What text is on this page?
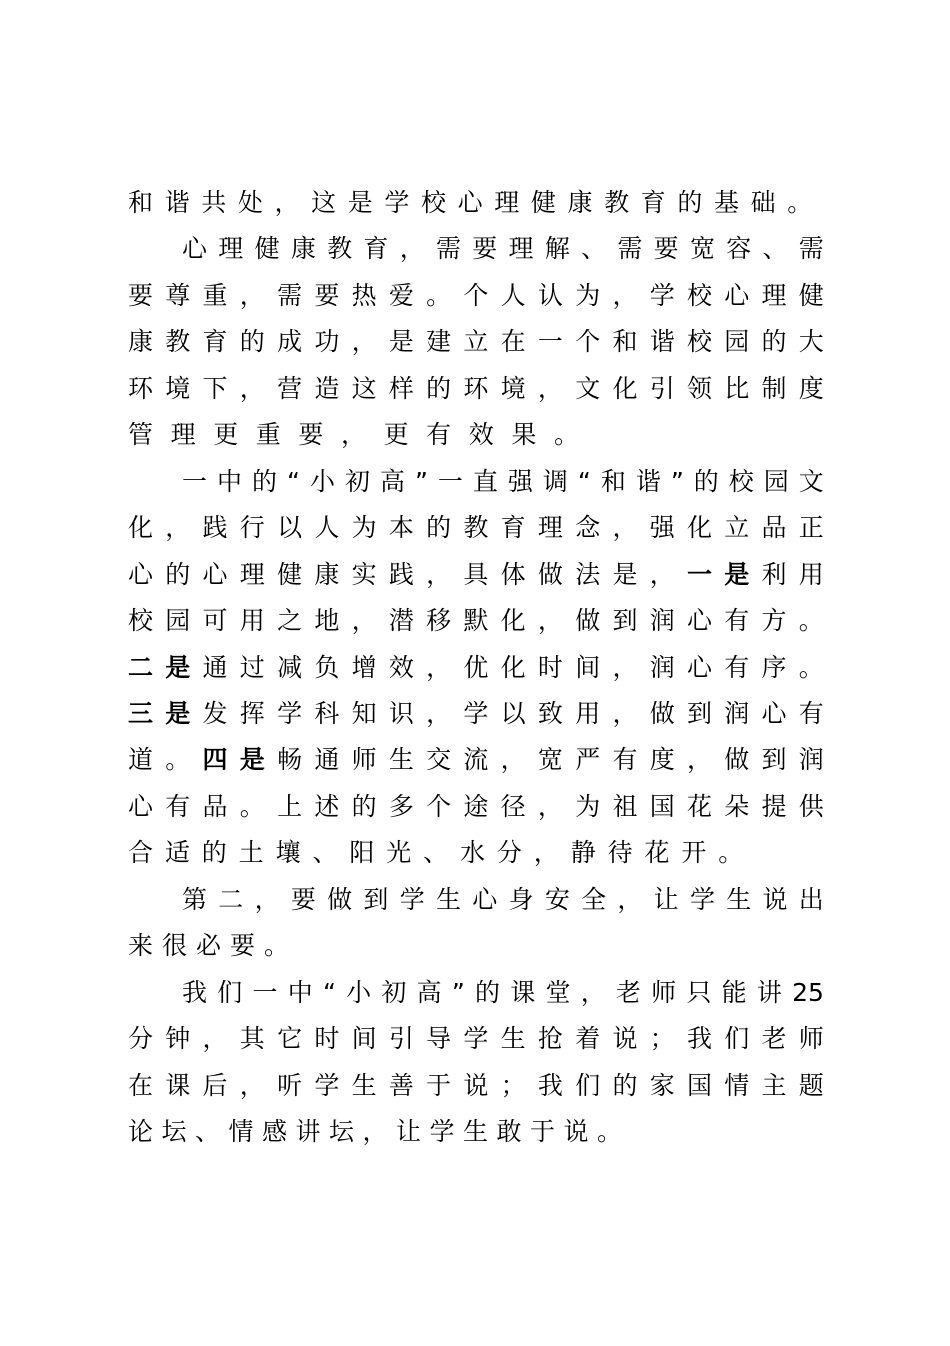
和 谐 共 处 ， 这 是 学 校 心 理 健 康 教 育 的 基 础 。
心 理 健 康 教 育 ， 需 要 理 解 、 需 要 宽 容 、 需
要 尊 重 ， 需 要 热 爱 。 个 人 认 为 ， 学 校 心 理 健
康 教 育 的 成 功 ， 是 建 立 在 一 个 和 谐 校 园 的 大
环 境 下 ， 营 造 这 样 的 环 境 ， 文 化 引 领 比 制 度
管 理 更 重 要 ， 更 有 效 果 。
一 中 的 “ 小 初 高 ” 一 直 强 调 “ 和 谐 ” 的 校 园 文
化 ， 践 行 以 人 为 本 的 教 育 理 念 ， 强 化 立 品 正
心 的 心 理 健 康 实 践 ， 具 体 做 法 是 ， 一 是 利 用
校 园 可 用 之 地 ， 潜 移 默 化 ， 做 到 润 心 有 方 。
二 是 通 过 减 负 增 效 ， 优 化 时 间 ， 润 心 有 序 。
三 是 发 挥 学 科 知 识 ， 学 以 致 用 ， 做 到 润 心 有
道 。 四 是 畅 通 师 生 交 流 ， 宽 严 有 度 ， 做 到 润
心 有 品 。 上 述 的 多 个 途 径 ， 为 祖 国 花 朵 提 供
合 适 的 土 壤 、 阳 光 、 水 分 ， 静 待 花 开 。
第 二 ， 要 做 到 学 生 心 身 安 全 ， 让 学 生 说 出
来 很 必 要 。
我 们 一 中 “ 小 初 高 ” 的 课 堂 ， 老 师 只 能 讲 25
分 钟 ， 其 它 时 间 引 导 学 生 抢 着 说 ； 我 们 老 师
在 课 后 ， 听 学 生 善 于 说 ； 我 们 的 家 国 情 主 题
论 坛 、 情 感 讲 坛 ， 让 学 生 敢 于 说 。
